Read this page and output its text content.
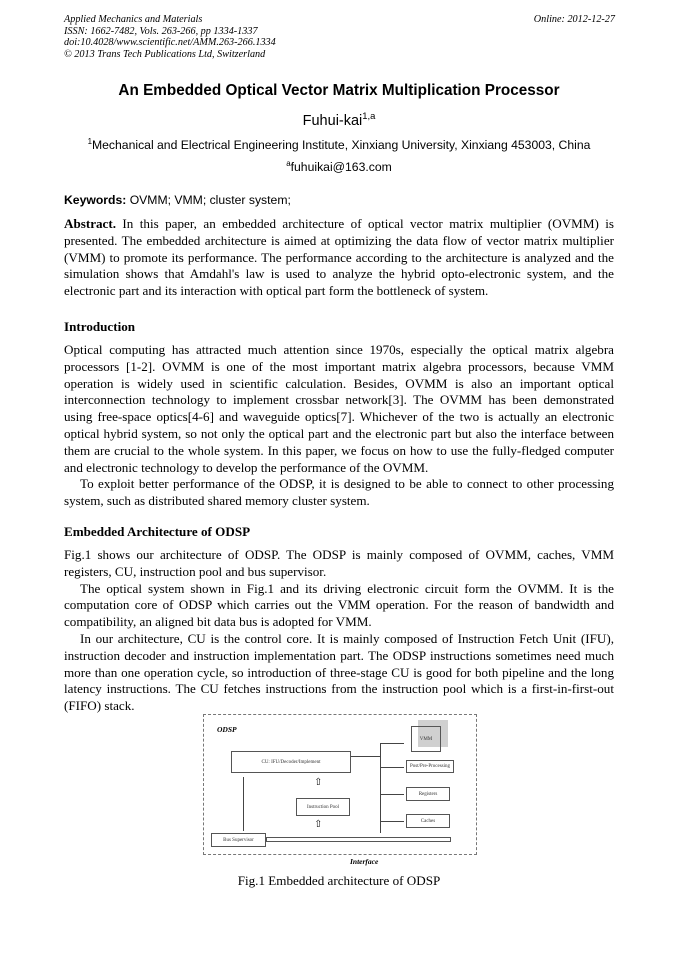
Applied Mechanics and Materials
ISSN: 1662-7482, Vols. 263-266, pp 1334-1337
doi:10.4028/www.scientific.net/AMM.263-266.1334
© 2013 Trans Tech Publications Ltd, Switzerland
Online: 2012-12-27
An Embedded Optical Vector Matrix Multiplication Processor
Fuhui-kai$^{1,a}$
$^1$Mechanical and Electrical Engineering Institute, Xinxiang University, Xinxiang 453003, China
$^a$fuhuikai@163.com
Keywords: OVMM; VMM; cluster system;

Abstract. In this paper, an embedded architecture of optical vector matrix multiplier (OVMM) is presented. The embedded architecture is aimed at optimizing the data flow of vector matrix multiplier (VMM) to promote its performance. The performance according to the architecture is analyzed and the simulation shows that Amdahl's law is used to analyze the hybrid opto-electronic system, and the electronic part and its interaction with optical part form the bottleneck of system.

Introduction

Optical computing has attracted much attention since 1970s, especially the optical matrix algebra processors [1-2]. OVMM is one of the most important matrix algebra processors, because VMM operation is widely used in scientific calculation. Besides, OVMM is also an important optical interconnection technology to implement crossbar network[3]. The OVMM has been demonstrated using free-space optics[4-6] and waveguide optics[7]. Whichever of the two is actually an electronic optical hybrid system, so not only the optical part and the electronic part but also the interface between them are crucial to the whole system. In this paper, we focus on how to use the fully-fledged computer and electronic technology to develop the performance of the OVMM.

To exploit better performance of the ODSP, it is designed to be able to connect to other processing system, such as distributed shared memory cluster system.

Embedded Architecture of ODSP

Fig.1 shows our architecture of ODSP. The ODSP is mainly composed of OVMM, caches, VMM registers, CU, instruction pool and bus supervisor.

The optical system shown in Fig.1 and its driving electronic circuit form the OVMM. It is the computation core of ODSP which carries out the VMM operation. For the reason of bandwidth and compatibility, an aligned bit data bus is adopted for VMM.

In our architecture, CU is the control core. It is mainly composed of Instruction Fetch Unit (IFU), instruction decoder and instruction implementation part. The ODSP instructions sometimes need much more than one operation cycle, so introduction of three-stage CU is good for both pipeline and the long latency instructions. The CU fetches instructions from the instruction pool which is a first-in-first-out (FIFO) stack.

ODSP
CU: IFU/Decoder/Implement
⇧
Instruction Pool
⇧
Bus Supervisor
VMM
Post/Pre-Processing
Registers
Caches
Interface
Fig.1 Embedded architecture of ODSP
